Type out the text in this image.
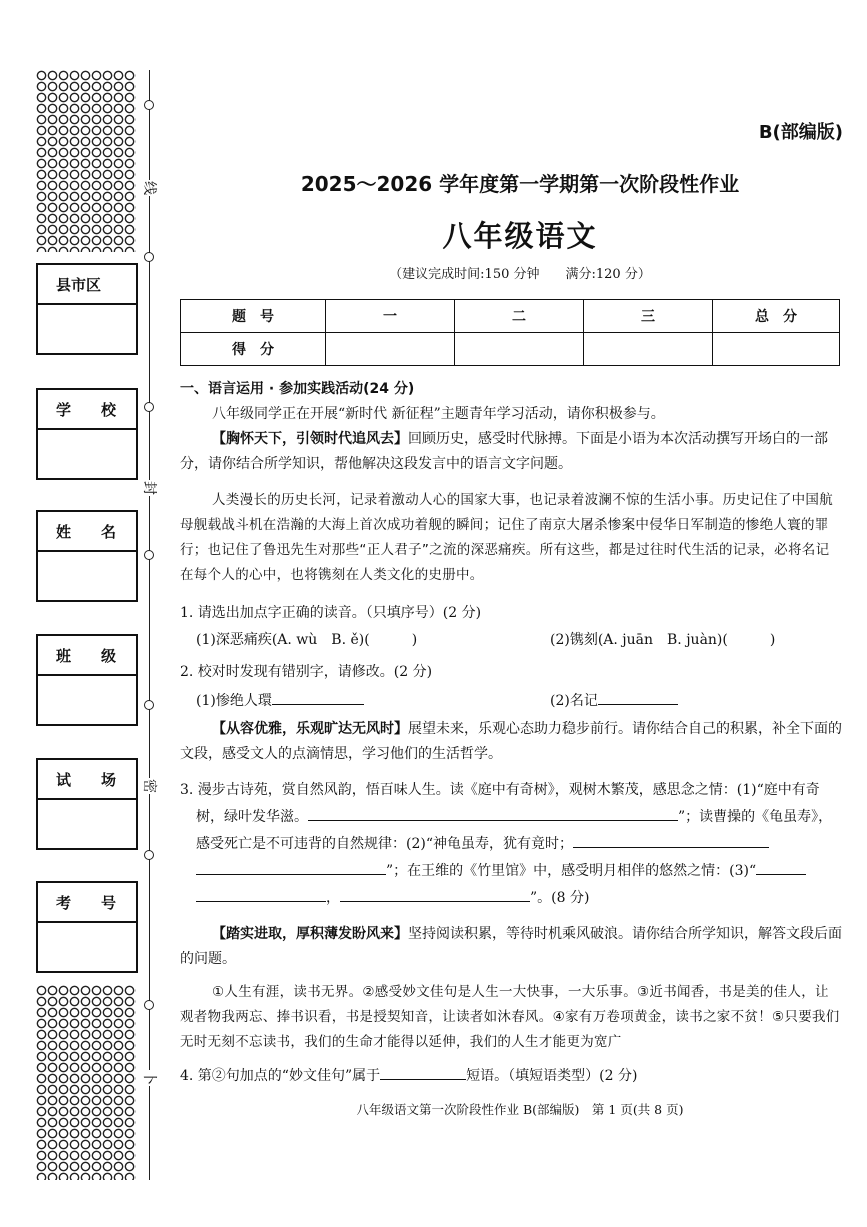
县市区
学　　校
姓　　名
班　　级
试　　场
考　　号
线
封
密
卜
B(部编版)
2025～2026 学年度第一学期第一次阶段性作业
八年级语文
（建议完成时间:150 分钟　　满分:120 分）
题　号	一	二	三	总　分
得　分				
一、语言运用 · 参加实践活动(24 分)
八年级同学正在开展“新时代 新征程”主题青年学习活动，请你积极参与。
【胸怀天下，引领时代追风去】回顾历史，感受时代脉搏。下面是小语为本次活动撰写开场白的一部分，请你结合所学知识，帮他解决这段发言中的语言文字问题。
人类漫长的历史长河，记录着激动人心的国家大事，也记录着波澜不惊的生活小事。历史记住了中国航母舰载战斗机在浩瀚的大海上首次成功着舰的瞬间；记住了南京大屠杀惨案中侵华日军制造的惨绝人寰的罪行；也记住了鲁迅先生对那些“正人君子”之流的深恶痛疾。所有这些，都是过往时代生活的记录，必将名记在每个人的心中，也将镌刻在人类文化的史册中。
1. 请选出加点字正确的读音。（只填序号）(2 分)
(1)深恶痛疾(A. wù　B. ě)(　　　)	(2)镌刻(A. juān　B. juàn)(　　　)
2. 校对时发现有错别字，请修改。(2 分)
(1)惨绝人環	(2)名记
【从容优雅，乐观旷达无风时】展望未来，乐观心态助力稳步前行。请你结合自己的积累，补全下面的文段，感受文人的点滴情思，学习他们的生活哲学。
3. 漫步古诗苑，赏自然风韵，悟百味人生。读《庭中有奇树》，观树木繁茂，感思念之情：(1)“庭中有奇树，绿叶发华滋。	”；读曹操的《龟虽寿》，感受死亡是不可违背的自然规律：(2)“神龟虽寿，犹有竟时；
”；在王维的《竹里馆》中，感受明月相伴的悠然之情：(3)“
，	”。(8 分)
【踏实进取，厚积薄发盼风来】坚持阅读积累，等待时机乘风破浪。请你结合所学知识，解答文段后面的问题。
①人生有涯，读书无界。②感受妙文佳句是人生一大快事，一大乐事。③近书闻香，书是美的佳人，让观者物我两忘、捧书识看，书是授契知音，让读者如沐春风。④家有万卷项黄金，读书之家不贫！⑤只要我们无时无刻不忘读书，我们的生命才能得以延伸，我们的人生才能更为宽广
4. 第②句加点的“妙文佳句”属于	短语。（填短语类型）(2 分)
八年级语文第一次阶段性作业 B(部编版)　第 1 页(共 8 页)
